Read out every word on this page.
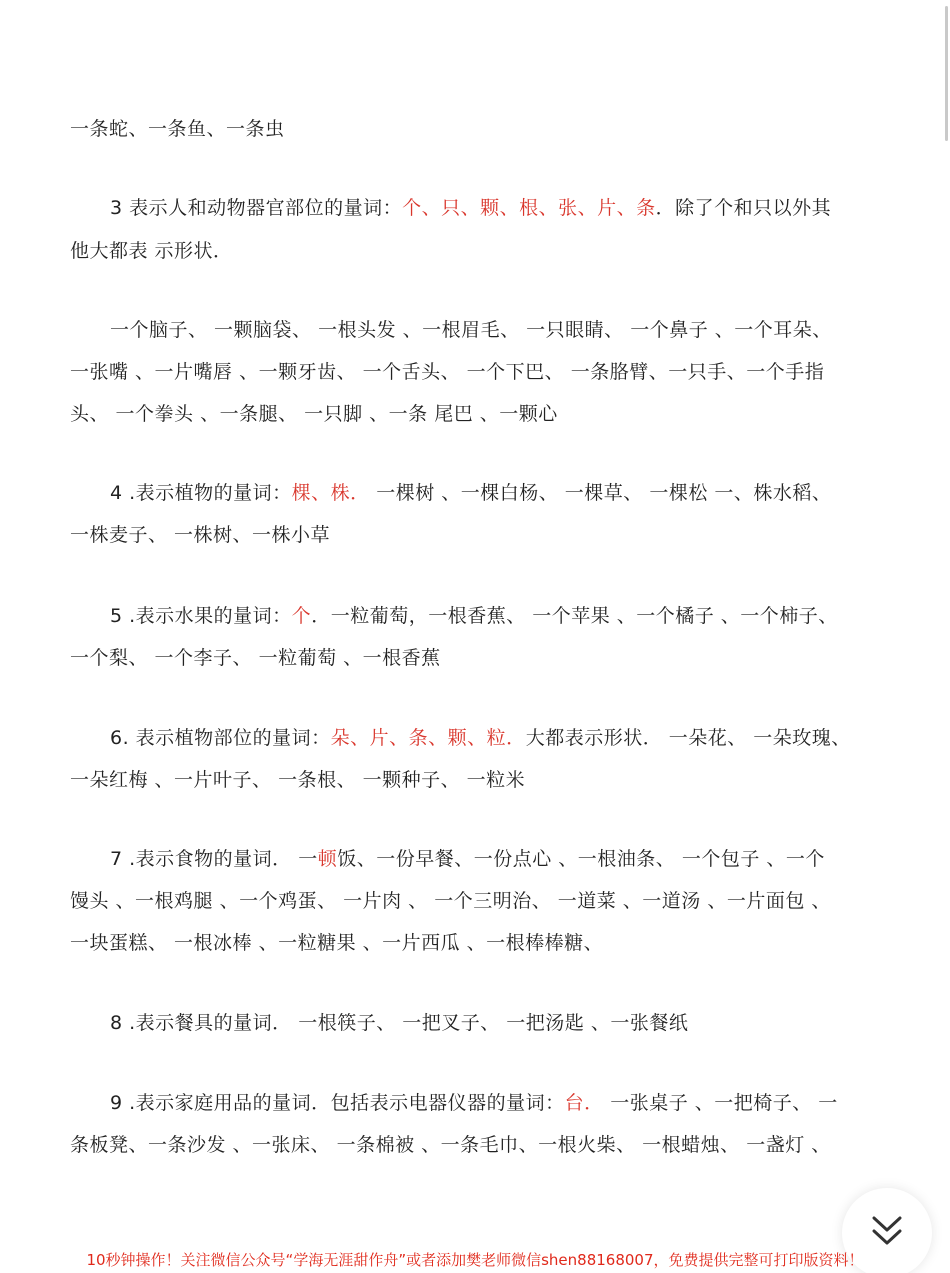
一条蛇、一条鱼、一条虫
3 表示人和动物器官部位的量词：个、只、颗、根、张、片、条．除了个和只以外其
他大都表 示形状．
一个脑子、 一颗脑袋、 一根头发 、一根眉毛、 一只眼睛、 一个鼻子 、一个耳朵、
一张嘴 、一片嘴唇 、一颗牙齿、 一个舌头、 一个下巴、 一条胳臂、一只手、一个手指
头、 一个拳头 、一条腿、 一只脚 、一条 尾巴 、一颗心
4 .表示植物的量词：棵、株． 一棵树 、一棵白杨、 一棵草、 一棵松 一、株水稻、
一株麦子、 一株树、一株小草
5 .表示水果的量词：个．一粒葡萄，一根香蕉、 一个苹果 、一个橘子 、一个柿子、
一个梨、 一个李子、 一粒葡萄 、一根香蕉
6. 表示植物部位的量词：朵、片、条、颗、粒．大都表示形状． 一朵花、 一朵玫瑰、
一朵红梅 、一片叶子、 一条根、 一颗种子、 一粒米
7 .表示食物的量词． 一顿饭、一份早餐、一份点心 、一根油条、 一个包子 、一个
馒头 、一根鸡腿 、一个鸡蛋、 一片肉 、 一个三明治、 一道菜 、一道汤 、一片面包 、
一块蛋糕、 一根冰棒 、一粒糖果 、一片西瓜 、一根棒棒糖、
8 .表示餐具的量词． 一根筷子、 一把叉子、 一把汤匙 、一张餐纸
9 .表示家庭用品的量词．包括表示电器仪器的量词：台． 一张桌子 、一把椅子、 一
条板凳、一条沙发 、一张床、 一条棉被 、一条毛巾、一根火柴、 一根蜡烛、 一盏灯 、
10秒钟操作！关注微信公众号“学海无涯甜作舟”或者添加樊老师微信shen88168007，免费提供完整可打印版资料！
